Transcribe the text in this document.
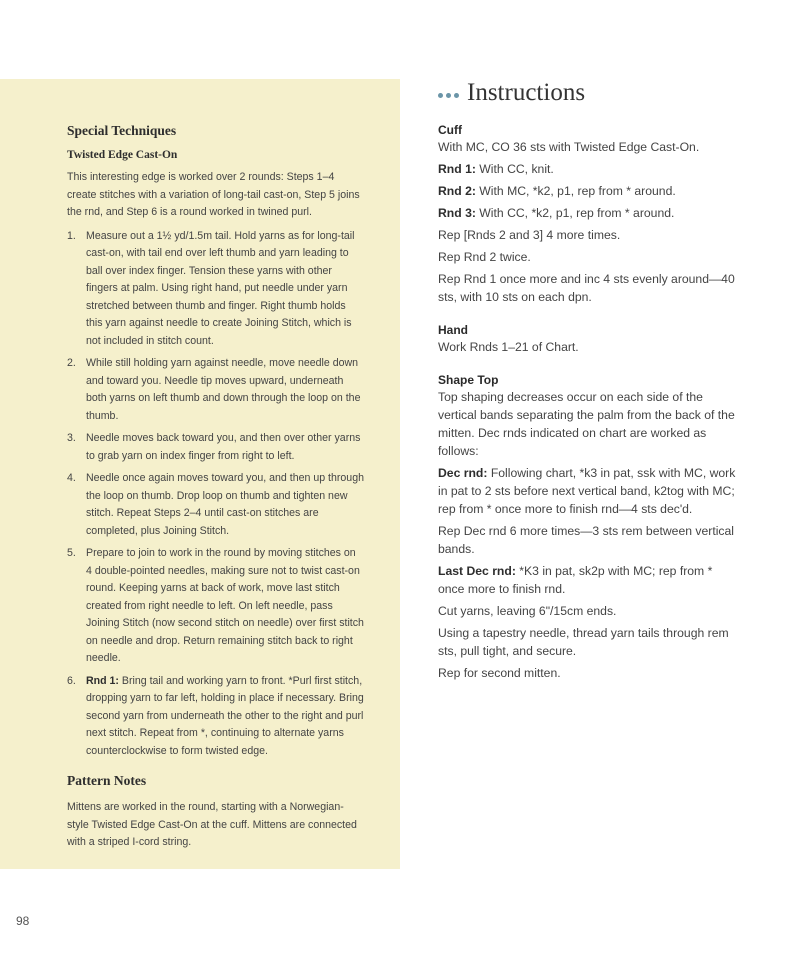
Special Techniques
Twisted Edge Cast-On

This interesting edge is worked over 2 rounds: Steps 1–4 create stitches with a variation of long-tail cast-on, Step 5 joins the rnd, and Step 6 is a round worked in twined purl.

1. Measure out a 1½ yd/1.5m tail. Hold yarns as for long-tail cast-on, with tail end over left thumb and yarn leading to ball over index finger. Tension these yarns with other fingers at palm. Using right hand, put needle under yarn stretched between thumb and finger. Right thumb holds this yarn against needle to create Joining Stitch, which is not included in stitch count.
2. While still holding yarn against needle, move needle down and toward you. Needle tip moves upward, underneath both yarns on left thumb and down through the loop on the thumb.
3. Needle moves back toward you, and then over other yarns to grab yarn on index finger from right to left.
4. Needle once again moves toward you, and then up through the loop on thumb. Drop loop on thumb and tighten new stitch. Repeat Steps 2–4 until cast-on stitches are completed, plus Joining Stitch.
5. Prepare to join to work in the round by moving stitches on 4 double-pointed needles, making sure not to twist cast-on round. Keeping yarns at back of work, move last stitch created from right needle to left. On left needle, pass Joining Stitch (now second stitch on needle) over first stitch on needle and drop. Return remaining stitch back to right needle.
6. Rnd 1: Bring tail and working yarn to front. *Purl first stitch, dropping yarn to far left, holding in place if necessary. Bring second yarn from underneath the other to the right and purl next stitch. Repeat from *, continuing to alternate yarns counterclockwise to form twisted edge.
Pattern Notes

Mittens are worked in the round, starting with a Norwegian-style Twisted Edge Cast-On at the cuff. Mittens are connected with a striped I-cord string.

Instructions
Cuff

With MC, CO 36 sts with Twisted Edge Cast-On.

Rnd 1: With CC, knit.

Rnd 2: With MC, *k2, p1, rep from * around.

Rnd 3: With CC, *k2, p1, rep from * around.

Rep [Rnds 2 and 3] 4 more times.

Rep Rnd 2 twice.

Rep Rnd 1 once more and inc 4 sts evenly around—40 sts, with 10 sts on each dpn.

Hand

Work Rnds 1–21 of Chart.

Shape Top

Top shaping decreases occur on each side of the vertical bands separating the palm from the back of the mitten. Dec rnds indicated on chart are worked as follows:

Dec rnd: Following chart, *k3 in pat, ssk with MC, work in pat to 2 sts before next vertical band, k2tog with MC; rep from * once more to finish rnd—4 sts dec'd.

Rep Dec rnd 6 more times—3 sts rem between vertical bands.

Last Dec rnd: *K3 in pat, sk2p with MC; rep from * once more to finish rnd.

Cut yarns, leaving 6"/15cm ends.

Using a tapestry needle, thread yarn tails through rem sts, pull tight, and secure.

Rep for second mitten.

98
